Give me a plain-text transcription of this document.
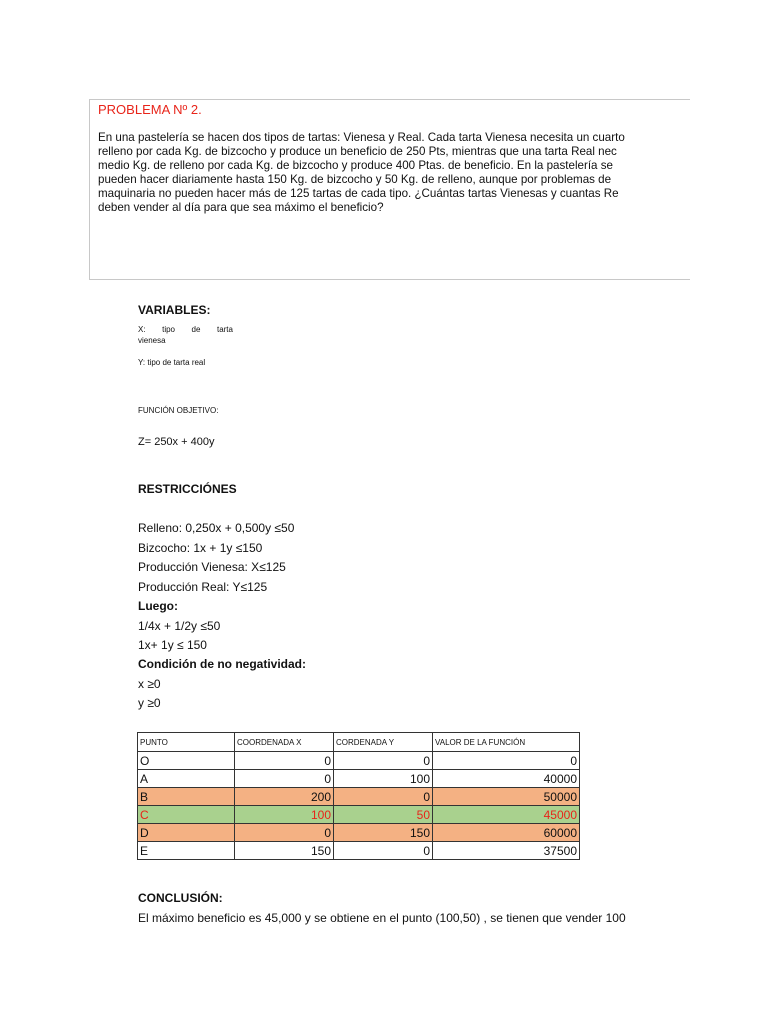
PROBLEMA Nº 2.
En una pastelería se hacen dos tipos de tartas: Vienesa y Real. Cada tarta Vienesa necesita un cuarto
relleno por cada Kg. de bizcocho y produce un beneficio de 250 Pts, mientras que una tarta Real nec
medio Kg. de relleno por cada Kg. de bizcocho y produce 400 Ptas. de beneficio. En la pastelería se
pueden hacer diariamente hasta 150 Kg. de bizcocho y 50 Kg. de relleno, aunque por problemas de
maquinaria no pueden hacer más de 125 tartas de cada tipo. ¿Cuántas tartas Vienesas y cuantas Re
deben vender al día para que sea máximo el beneficio?
VARIABLES:
X: tipo de tarta
vienesa
Y: tipo de tarta real
FUNCIÓN OBJETIVO:
Z= 250x + 400y
RESTRICCIÓNES
Relleno: 0,250x + 0,500y ≤50
Bizcocho: 1x + 1y ≤150
Producción Vienesa: X≤125
Producción Real: Y≤125
Luego:
1/4x + 1/2y ≤50
1x+ 1y ≤ 150
Condición de no negatividad:
x ≥0
y ≥0
PUNTO	COORDENADA X	CORDENADA Y	VALOR DE LA FUNCIÓN
O	0	0	0
A	0	100	40000
B	200	0	50000
C	100	50	45000
D	0	150	60000
E	150	0	37500
CONCLUSIÓN:
El máximo beneficio es 45,000 y se obtiene en el punto (100,50) , se tienen que vender 100
